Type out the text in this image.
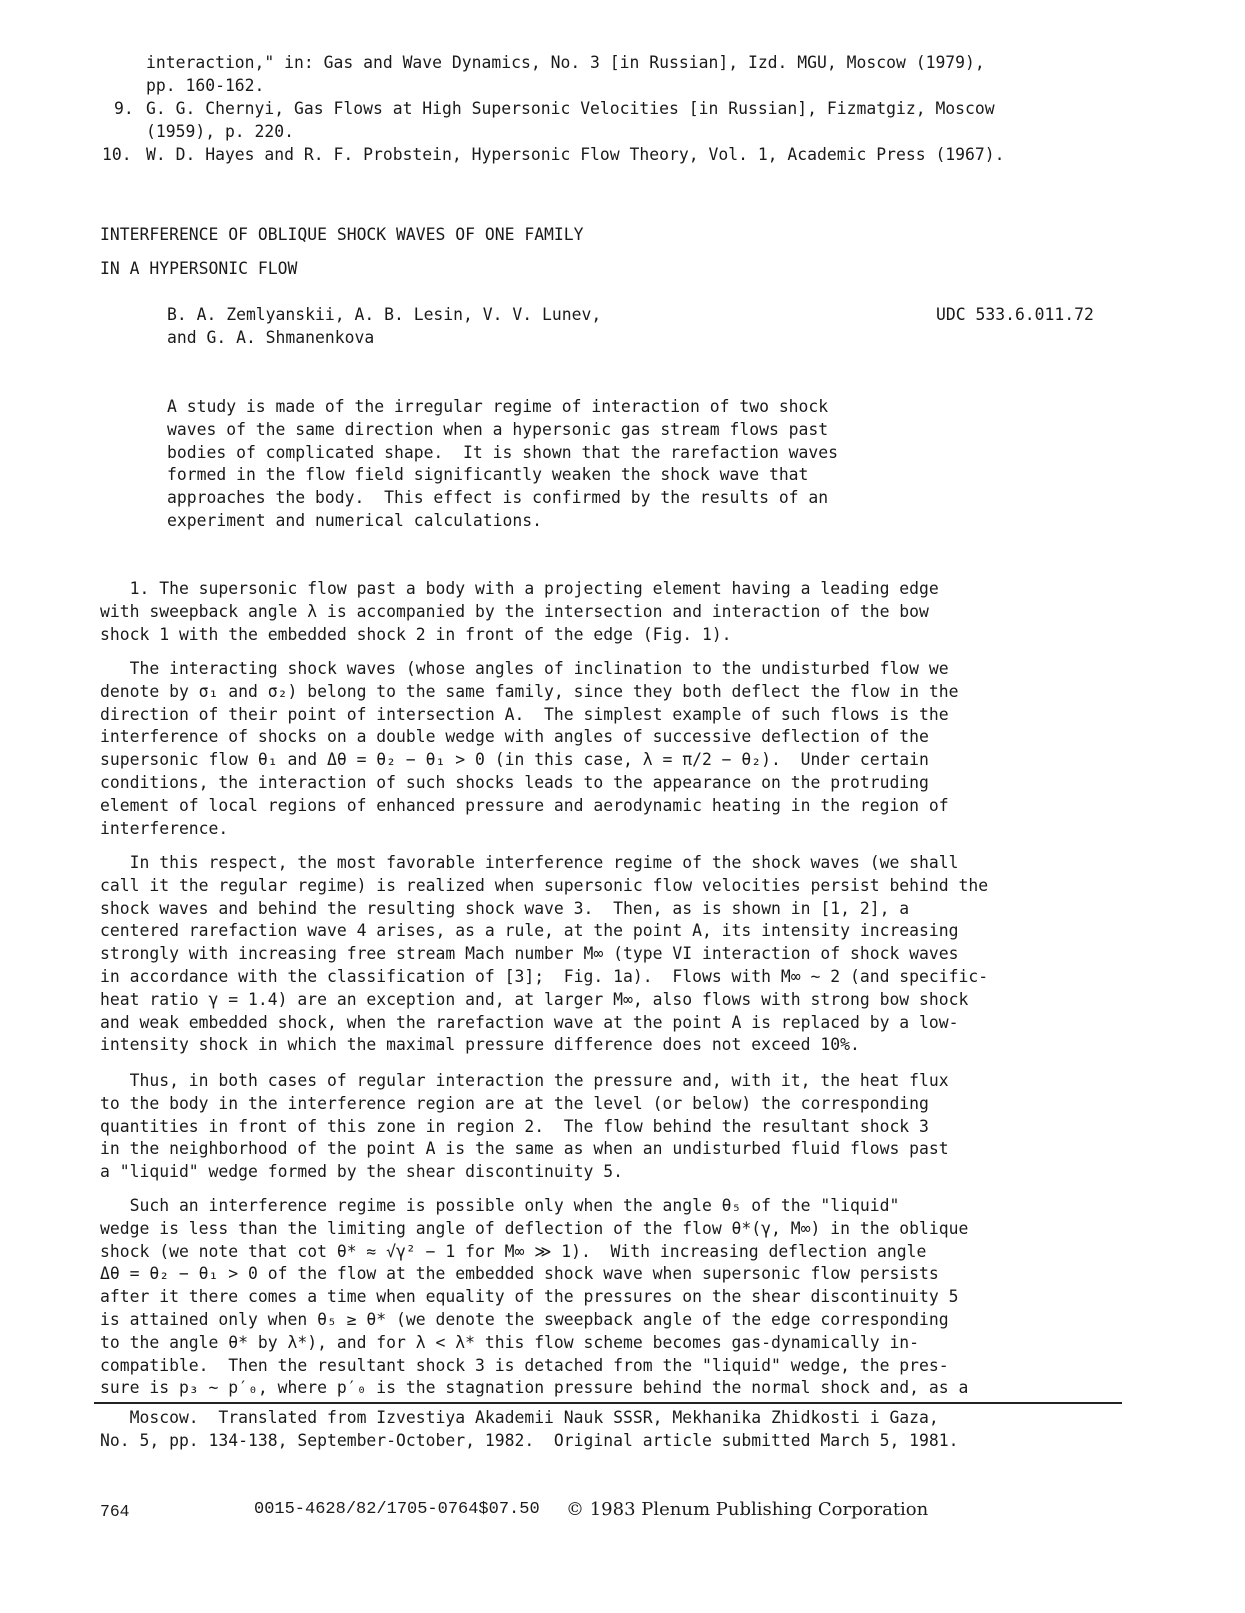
interaction," in: Gas and Wave Dynamics, No. 3 [in Russian], Izd. MGU, Moscow (1979),
pp. 160-162.
9. G. G. Chernyi, Gas Flows at High Supersonic Velocities [in Russian], Fizmatgiz, Moscow
(1959), p. 220.
10. W. D. Hayes and R. F. Probstein, Hypersonic Flow Theory, Vol. 1, Academic Press (1967).
INTERFERENCE OF OBLIQUE SHOCK WAVES OF ONE FAMILY
IN A HYPERSONIC FLOW
B. A. Zemlyanskii, A. B. Lesin, V. V. Lunev,
and G. A. Shmanenkova
UDC 533.6.011.72
A study is made of the irregular regime of interaction of two shock
waves of the same direction when a hypersonic gas stream flows past
bodies of complicated shape.  It is shown that the rarefaction waves
formed in the flow field significantly weaken the shock wave that
approaches the body.  This effect is confirmed by the results of an
experiment and numerical calculations.
1. The supersonic flow past a body with a projecting element having a leading edge
with sweepback angle λ is accompanied by the intersection and interaction of the bow
shock 1 with the embedded shock 2 in front of the edge (Fig. 1).
The interacting shock waves (whose angles of inclination to the undisturbed flow we
denote by σ₁ and σ₂) belong to the same family, since they both deflect the flow in the
direction of their point of intersection A.  The simplest example of such flows is the
interference of shocks on a double wedge with angles of successive deflection of the
supersonic flow θ₁ and Δθ = θ₂ − θ₁ > 0 (in this case, λ = π/2 − θ₂).  Under certain
conditions, the interaction of such shocks leads to the appearance on the protruding
element of local regions of enhanced pressure and aerodynamic heating in the region of
interference.
In this respect, the most favorable interference regime of the shock waves (we shall
call it the regular regime) is realized when supersonic flow velocities persist behind the
shock waves and behind the resulting shock wave 3.  Then, as is shown in [1, 2], a
centered rarefaction wave 4 arises, as a rule, at the point A, its intensity increasing
strongly with increasing free stream Mach number M∞ (type VI interaction of shock waves
in accordance with the classification of [3];  Fig. 1a).  Flows with M∞ ~ 2 (and specific-
heat ratio γ = 1.4) are an exception and, at larger M∞, also flows with strong bow shock
and weak embedded shock, when the rarefaction wave at the point A is replaced by a low-
intensity shock in which the maximal pressure difference does not exceed 10%.
Thus, in both cases of regular interaction the pressure and, with it, the heat flux
to the body in the interference region are at the level (or below) the corresponding
quantities in front of this zone in region 2.  The flow behind the resultant shock 3
in the neighborhood of the point A is the same as when an undisturbed fluid flows past
a "liquid" wedge formed by the shear discontinuity 5.
Such an interference regime is possible only when the angle θ₅ of the "liquid"
wedge is less than the limiting angle of deflection of the flow θ*(γ, M∞) in the oblique
shock (we note that cot θ* ≈ √γ² − 1 for M∞ ≫ 1).  With increasing deflection angle
Δθ = θ₂ − θ₁ > 0 of the flow at the embedded shock wave when supersonic flow persists
after it there comes a time when equality of the pressures on the shear discontinuity 5
is attained only when θ₅ ≥ θ* (we denote the sweepback angle of the edge corresponding
to the angle θ* by λ*), and for λ < λ* this flow scheme becomes gas-dynamically in-
compatible.  Then the resultant shock 3 is detached from the "liquid" wedge, the pres-
sure is p₃ ~ p′₀, where p′₀ is the stagnation pressure behind the normal shock and, as a
Moscow.  Translated from Izvestiya Akademii Nauk SSSR, Mekhanika Zhidkosti i Gaza,
No. 5, pp. 134-138, September-October, 1982.  Original article submitted March 5, 1981.
764	0015-4628/82/1705-0764$07.50 © 1983 Plenum Publishing Corporation
